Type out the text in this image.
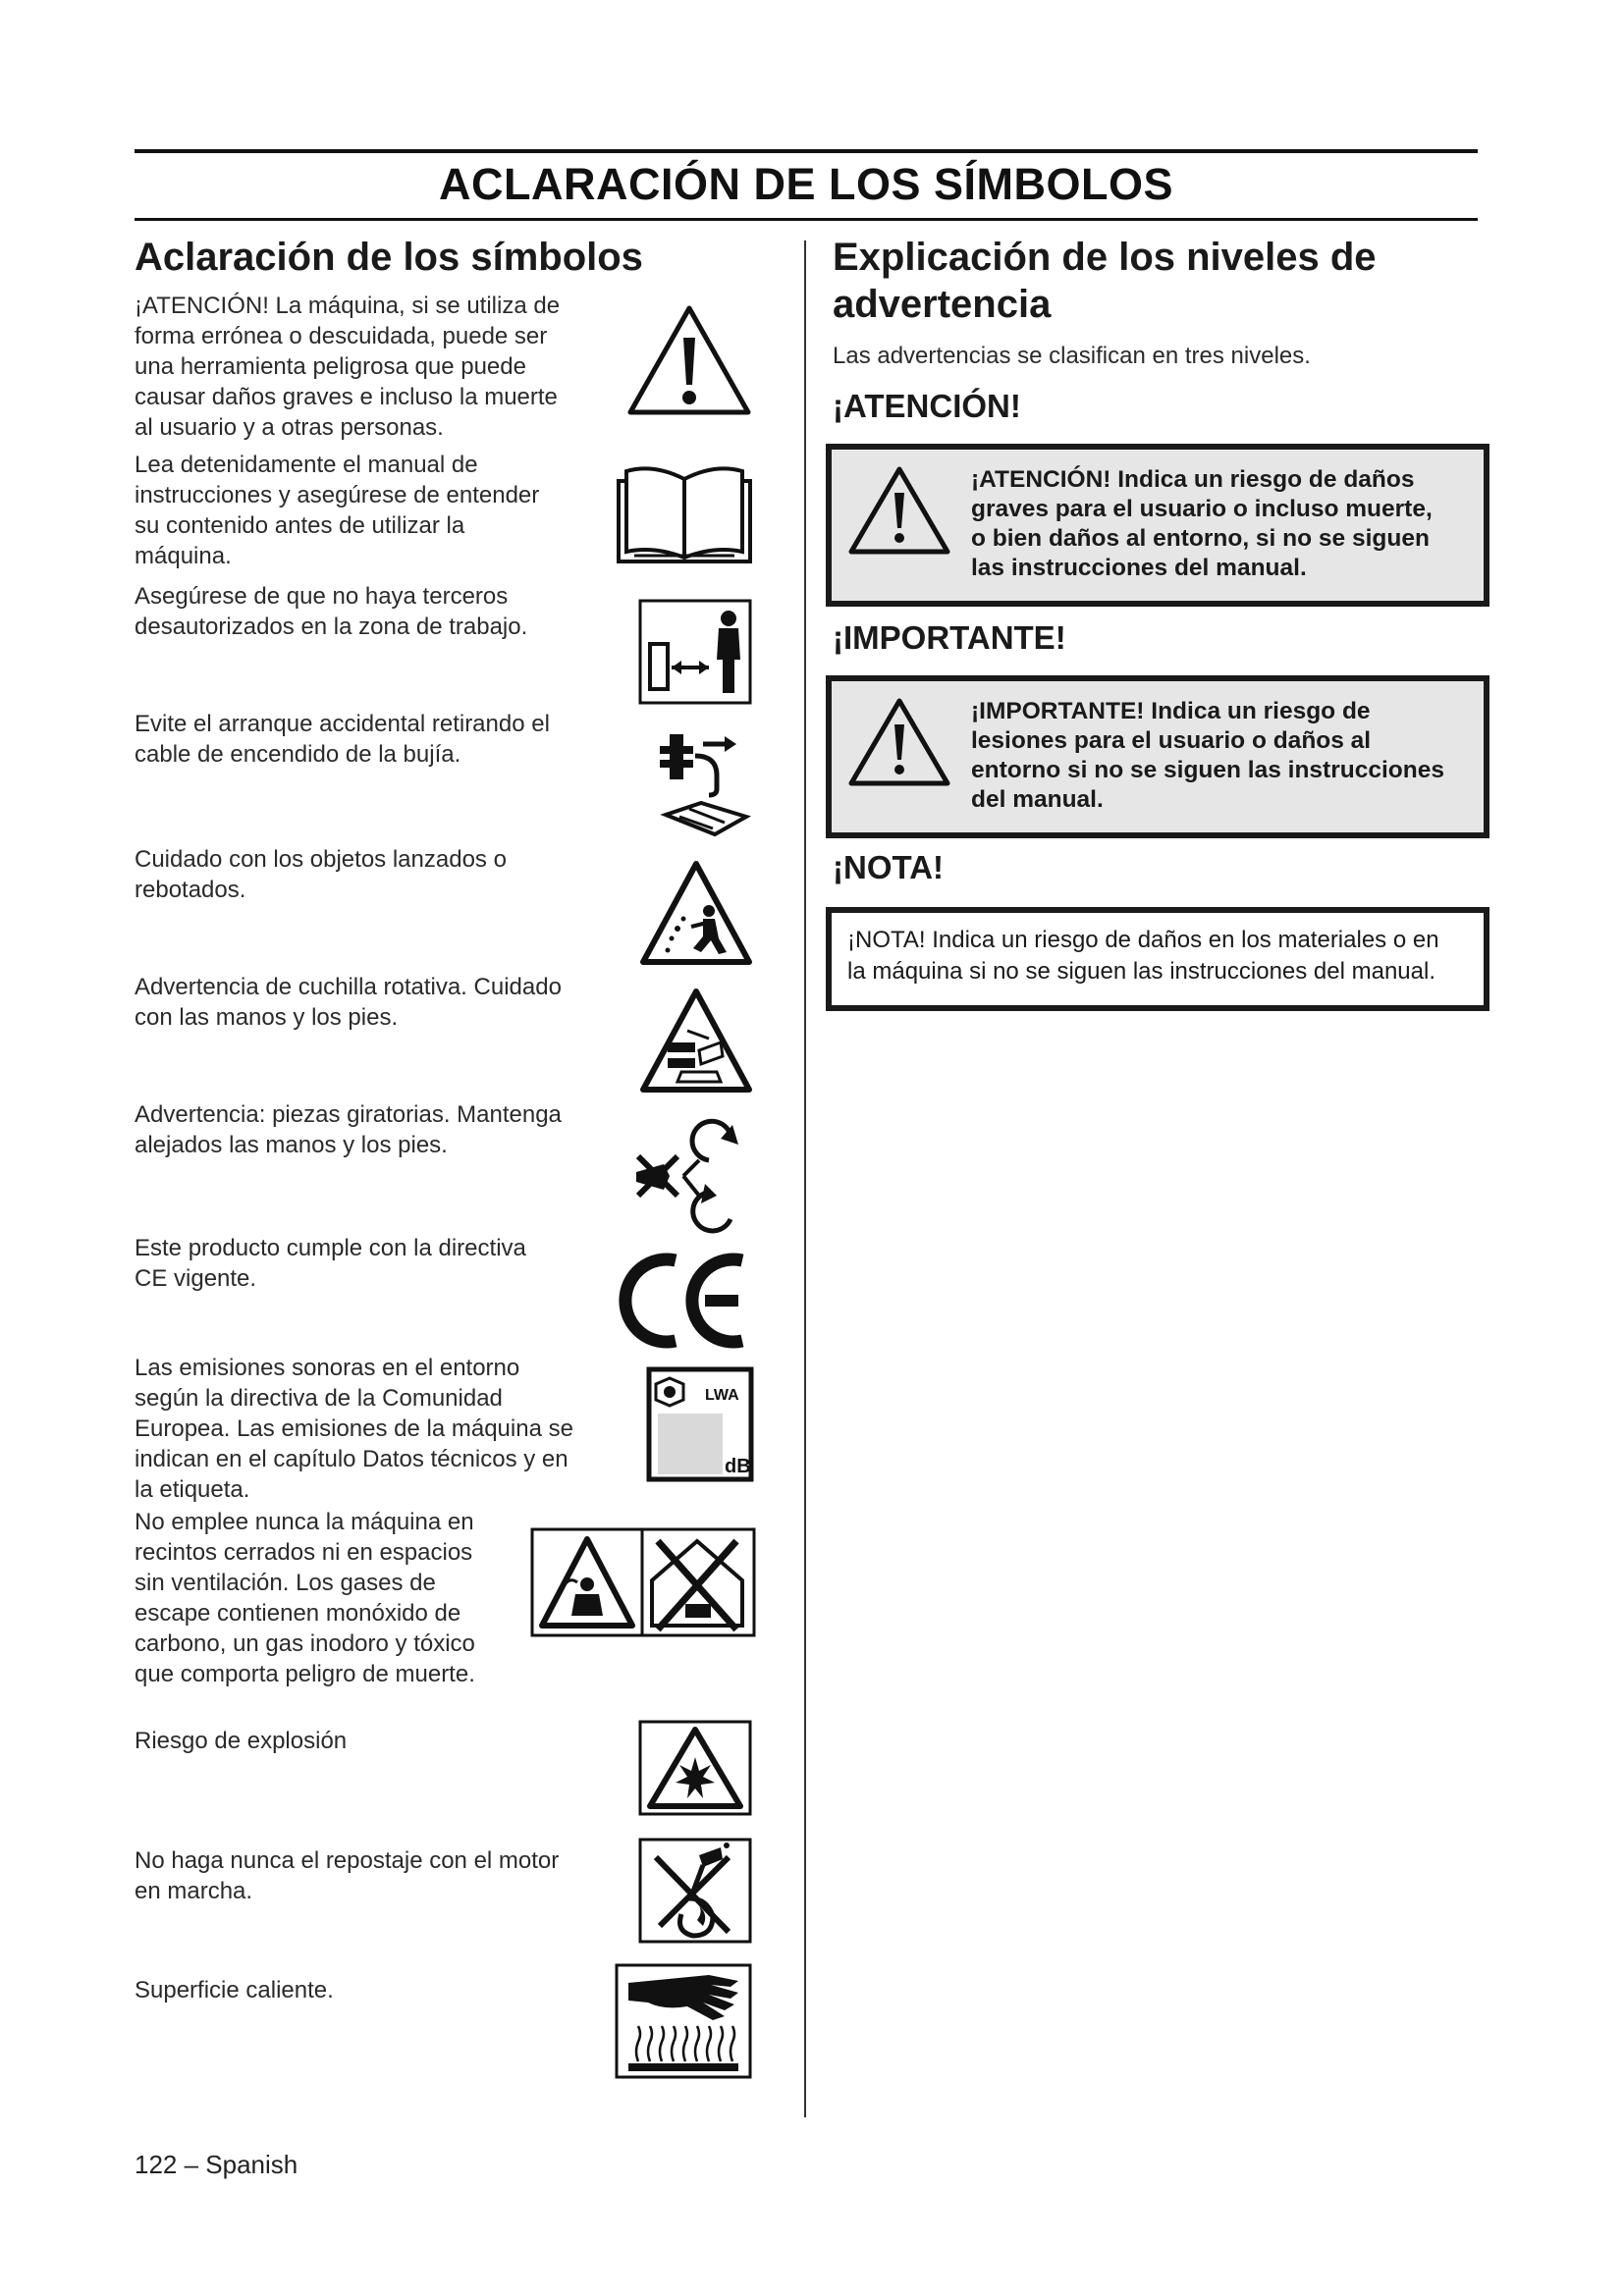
ACLARACIÓN DE LOS SÍMBOLOS
Aclaración de los símbolos
¡ATENCIÓN! La máquina, si se utiliza de
forma errónea o descuidada, puede ser
una herramienta peligrosa que puede
causar daños graves e incluso la muerte
al usuario y a otras personas.
Lea detenidamente el manual de
instrucciones y asegúrese de entender
su contenido antes de utilizar la
máquina.
Asegúrese de que no haya terceros
desautorizados en la zona de trabajo.
Evite el arranque accidental retirando el
cable de encendido de la bujía.
Cuidado con los objetos lanzados o
rebotados.
Advertencia de cuchilla rotativa. Cuidado
con las manos y los pies.
Advertencia: piezas giratorias. Mantenga
alejados las manos y los pies.
Este producto cumple con la directiva
CE vigente.
Las emisiones sonoras en el entorno
según la directiva de la Comunidad
Europea. Las emisiones de la máquina se
indican en el capítulo Datos técnicos y en
la etiqueta.
LWA
dB
No emplee nunca la máquina en
recintos cerrados ni en espacios
sin ventilación. Los gases de
escape contienen monóxido de
carbono, un gas inodoro y tóxico
que comporta peligro de muerte.
Riesgo de explosión
No haga nunca el repostaje con el motor
en marcha.
Superficie caliente.
Explicación de los niveles de
advertencia
Las advertencias se clasifican en tres niveles.
¡ATENCIÓN!
¡ATENCIÓN! Indica un riesgo de daños
graves para el usuario o incluso muerte,
o bien daños al entorno, si no se siguen
las instrucciones del manual.
¡IMPORTANTE!
¡IMPORTANTE! Indica un riesgo de
lesiones para el usuario o daños al
entorno si no se siguen las instrucciones
del manual.
¡NOTA!
¡NOTA! Indica un riesgo de daños en los materiales o en
la máquina si no se siguen las instrucciones del manual.
122 – Spanish
